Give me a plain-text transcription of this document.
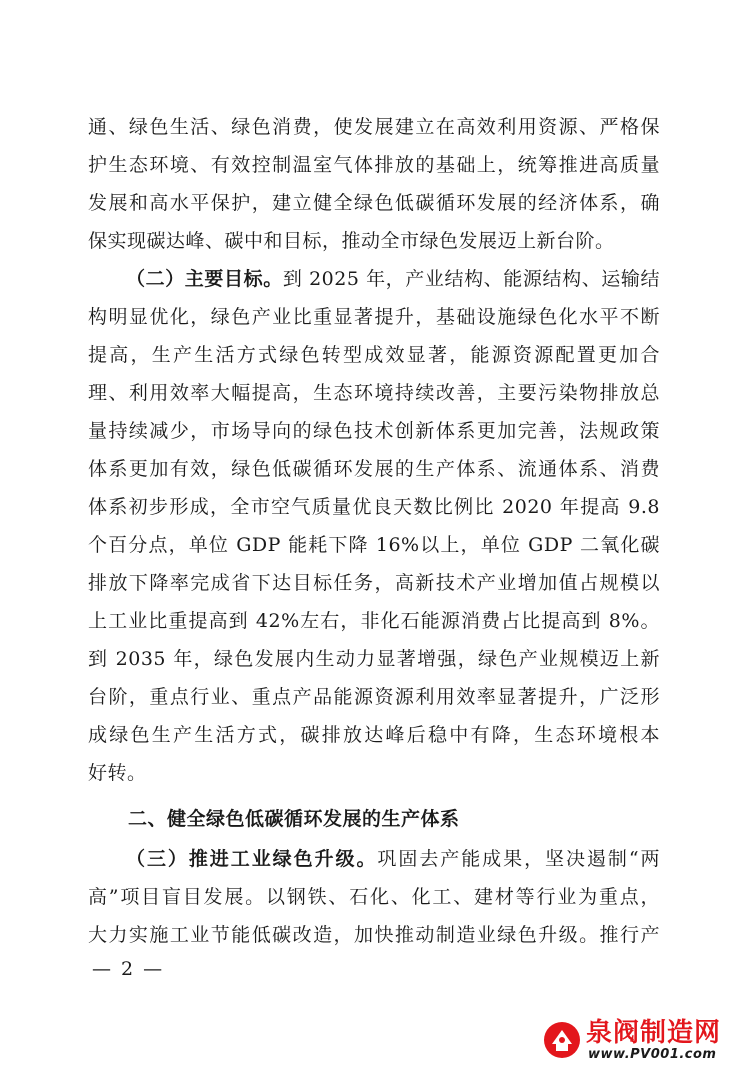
通、绿色生活、绿色消费，使发展建立在高效利用资源、严格保
护生态环境、有效控制温室气体排放的基础上，统筹推进高质量
发展和高水平保护，建立健全绿色低碳循环发展的经济体系，确
保实现碳达峰、碳中和目标，推动全市绿色发展迈上新台阶。
（二）主要目标。到 2025 年，产业结构、能源结构、运输结
构明显优化，绿色产业比重显著提升，基础设施绿色化水平不断
提高，生产生活方式绿色转型成效显著，能源资源配置更加合
理、利用效率大幅提高，生态环境持续改善，主要污染物排放总
量持续减少，市场导向的绿色技术创新体系更加完善，法规政策
体系更加有效，绿色低碳循环发展的生产体系、流通体系、消费
体系初步形成，全市空气质量优良天数比例比 2020 年提高 9.8
个百分点，单位 GDP 能耗下降 16%以上，单位 GDP 二氧化碳
排放下降率完成省下达目标任务，高新技术产业增加值占规模以
上工业比重提高到 42%左右，非化石能源消费占比提高到 8%。
到 2035 年，绿色发展内生动力显著增强，绿色产业规模迈上新
台阶，重点行业、重点产品能源资源利用效率显著提升，广泛形
成绿色生产生活方式，碳排放达峰后稳中有降，生态环境根本
好转。
二、健全绿色低碳循环发展的生产体系
（三）推进工业绿色升级。巩固去产能成果，坚决遏制“两
高”项目盲目发展。以钢铁、石化、化工、建材等行业为重点，
大力实施工业节能低碳改造，加快推动制造业绿色升级。推行产
— 2 —
泉阀制造网
www.PV001.com
